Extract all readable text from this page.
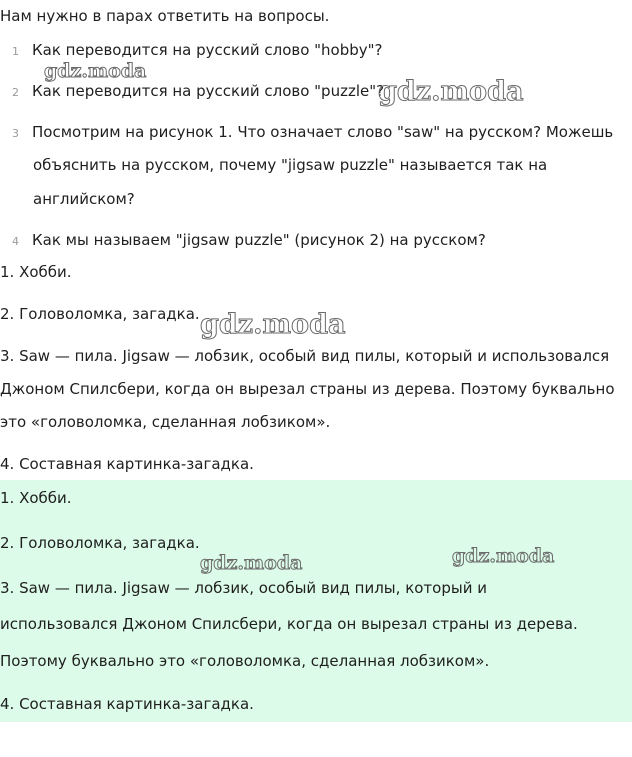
Нам нужно в парах ответить на вопросы.
1 Как переводится на русский слово "hobby"?
2 Как переводится на русский слово "puzzle"?
3 Посмотрим на рисунок 1. Что означает слово "saw" на русском? Можешь
объяснить на русском, почему "jigsaw puzzle" называется так на
английском?
4 Как мы называем "jigsaw puzzle" (рисунок 2) на русском?
1. Хобби.
2. Головоломка, загадка.
3. Saw — пила. Jigsaw — лобзик, особый вид пилы, который и использовался
Джоном Спилсбери, когда он вырезал страны из дерева. Поэтому буквально
это «головоломка, сделанная лобзиком».
4. Составная картинка-загадка.
1. Хобби.
2. Головоломка, загадка.
3. Saw — пила. Jigsaw — лобзик, особый вид пилы, который и
использовался Джоном Спилсбери, когда он вырезал страны из дерева.
Поэтому буквально это «головоломка, сделанная лобзиком».
4. Составная картинка-загадка.
gdz.moda
gdz.moda
gdz.moda
gdz.moda	gdz.moda
